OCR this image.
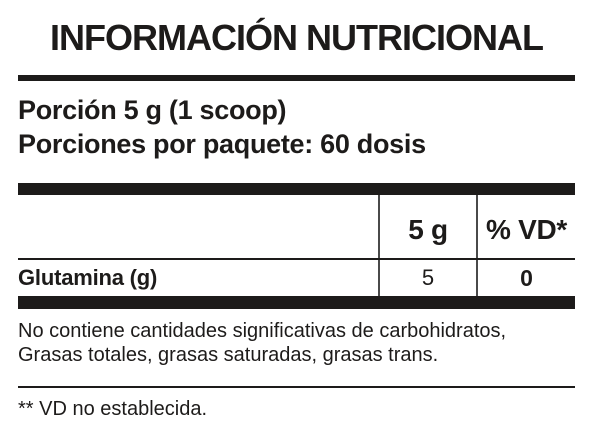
INFORMACIÓN NUTRICIONAL
Porción 5 g (1 scoop)
Porciones por paquete: 60 dosis
5 g % VD*
Glutamina (g)	5	0
No contiene cantidades significativas de carbohidratos,
Grasas totales, grasas saturadas, grasas trans.
** VD no establecida.
